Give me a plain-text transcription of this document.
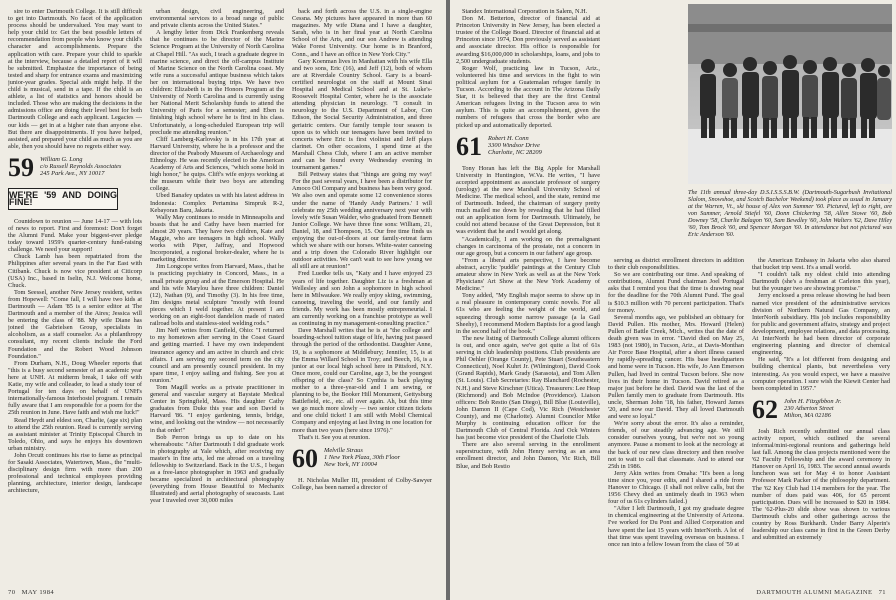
sire to enter Dartmouth College. It is still difficult to get into Dartmouth. No facet of the application process should be undervalued. You may want to help your child to: Get the best possible letters of recommendation from people who know your child's character and accomplishments. Prepare the application with care. Prepare your child to sparkle at the interview, because a detailed report of it will be submitted. Emphasize the importance of being tested and sharp for entrance exams and maximizing junior-year grades. Special aids might help. If the child is musical, send in a tape. If the child is an athlete, a list of statistics and honors should be included. Those who are making the decisions in the admissions office are doing their level best for both Dartmouth College and each applicant. Legacies — our kids — get in at a higher rate than anyone else. But there are disappointments. If you have helped, assisted, and prepared your child as much as you are able, then you should have no regrets either way.

59 William G. Long
c/o Russell Reynolds Associates
245 Park Ave., NY 10017
WE'RE '59 AND DOING FINE!

Countdown to reunion — June 14-17 — with lots of news to report. First and foremost: Don't forget the Alumni Fund. Make your biggest-ever pledge today toward 1959's quarter-century fund-raising challenge. We need your support!

Chuck Lamb has been repatriated from the Philippines after several years in the Far East with Citibank. Chuck is now vice president at Citicorp (USA) Inc., based in Iselin, N.J. Welcome home, Chuck.

Tom Seessel, another New Jersey resident, writes from Hopewell: "Come fall, I will have two kids at Dartmouth — Adam '85 is a senior editor at The Dartmouth and a member of the Aires; Jessica will be entering the class of '88. My wife Diane has joined the Gabrielsen Group, specialists in alcoholism, as a staff counselor. As a philanthropy consultant, my recent clients include the Ford Foundation and the Robert Wood Johnson Foundation."

From Durham, N.H., Doug Wheeler reports that "this is a busy second semester of an academic year here at UNH. At midterm break, I take off with Katie, my wife and colleader, to lead a study tour of Portugal for ten days on behalf of UNH's internationally-famous Interhostel program. I remain fully aware that I am responsible for a poem for the 25th reunion in June. Have faith and wish me luck!"

Read Heydt and eldest son, Charlie, (age six) plan to attend the 25th reunion. Read is currently serving as assistant minister at Trinity Episcopal Church in Toledo, Ohio, and says he enjoys his downtown urban ministry.

John Orcutt continues his rise to fame as principal for Sasaki Associates, Watertown, Mass., the "multi-disciplinary design firm with more than 200 professional and technical employees providing planning, architecture, interior design, landscape architecture,

urban design, civil engineering, and environmental services to a broad range of public and private clients across the United States."

A lengthy letter from Dick Frankenberg reveals that he continues to be director of the Marine Science Program at the University of North Carolina at Chapel Hill. "As such, I teach a graduate degree in marine science, and direct the off-campus Institute of Marine Science on the North Carolina coast. My wife runs a successful antique business which takes her on international buying trips. We have two children: Elizabeth is in the Honors Program at the University of North Carolina and is currently using her National Merit Scholarship funds to attend the University of Paris for a semester; and Eben is finishing high school where he is first in his class. Unfortunately, a long-scheduled European trip will preclude me attending reunion."

Cliff Lamberg-Karlovsky is in his 17th year at Harvard University, where he is a professor and the director of the Peabody Museum of Archaeology and Ethnology. He was recently elected to the American Academy of Arts and Sciences, "which some hold in high honor," he quips. Cliff's wife enjoys working at the museum while their two boys are attending college.

Ubed Banafey updates us with his latest address in Indonesia: Complex Pertamina Simpruk R-2, Kebayoran Baru, Jakarta.

Wally May continues to reside in Minneapolis and boasts that he and Cathy have been married for almost 20 years. They have two children, Kate and Maggie, who are teenagers in high school. Wally works with Piper, Jaffray, and Hopwood Incorporated, a regional broker-dealer, where he is marketing director.

Jim Longcope writes from Harvard, Mass., that he is practicing psychiatry in Concord, Mass., in a small private group and at the Emerson Hospital. He and his wife Marylou have three children: Daniel (12), Nathan (9), and Timothy (3). In his free time, Jim designs metal sculpture "mostly with found pieces which I weld together. At present I am working on an eight-foot dandelion made of rusted railroad bolts and stainless-steel welding rods."

Jim Neff writes from Canfield, Ohio: "I returned to my hometown after serving in the Coast Guard and getting married. I have my own independent insurance agency and am active in church and civic affairs. I am serving my second term on the city council and am presently council president. In my spare time, I enjoy sailing and fishing. See you at reunion."

Tom Magill works as a private practitioner in general and vascular surgery at Baystate Medical Center in Springfield, Mass. His daughter Cathy graduates from Duke this year and son David is Harvard '86. "I enjoy gardening, tennis, bridge, wine, and looking out the window — not necessarily in that order!"

Bob Perron brings us up to date on his whereabouts: "After Dartmouth I did graduate work in photography at Yale which, after receiving my master's in fine arts, led me abroad on a traveling fellowship to Switzerland. Back in the U.S., I began as a free-lance photographer in 1963 and gradually became specialized in architectural photography (everything from House Beautiful to Mechanix Illustrated) and aerial photography of seacoasts. Last year I traveled over 30,000 miles

back and forth across the U.S. in a single-engine Cessna. My pictures have appeared in more than 60 magazines. My wife Diana and I have a daughter, Sarah, who is in her final year at North Carolina School of the Arts, and our son Andrew is attending Wake Forest University. Our home is in Branford, Conn., and I have an office in New York City."

Gary Koenman lives in Manhattan with his wife Ella and two sons, Eric (16), and Jeff (12), both of whom are at Riverdale Country School. Gary is a board-certified neurologist on the staff at Mount Sinai Hospital and Medical School and at St. Luke's-Roosevelt Hospital Center, where he is the associate attending physician in neurology. "I consult in neurology to the U.S. Department of Labor, Con Edison, the Social Security Administration, and three geriatric centers. Our family temple tour season is upon us to which our teenagers have been invited to concerts where Eric is first violinist and Jeff plays clarinet. On other occasions, I spend time at the Marshall Chess Club, where I am an active member and can be found every Wednesday evening in tournament games."

Bill Pettway states that "things are going my way! For the past several years, I have been a distributor for Amoco Oil Company and business has been very good. We also own and operate some 12 convenience stores under the name of 'Handy Andy Partners.' I will celebrate my 25th wedding anniversary next year with lovely wife Susan Walder, who graduated from Bennett Junior College. We have three fine sons: William, 21, Daniel, 18, and Thompson, 15. Our free time finds us enjoying the out-of-doors at our family-retreat farm which we share with our horses. White-water canoeing and a trip down the Colorado River highlight our outdoor activities. We can't wait to see how young we all still are at reunion!"

Fred Luedke tells us, "Katy and I have enjoyed 23 years of life together. Daughter Liz is a freshman at Wellesley and son John a sophomore in high school here in Milwaukee. We really enjoy skiing, swimming, canoeing, traveling the world, and our family and friends. My work has been mostly entrepreneurial. I am currently working on a franchise prototype as well as continuing in my management-consulting practice."

Dave Marshall writes that he is at "the college and boarding-school tuition stage of life, having just passed through the period of the orthodontist. Daughter Anne, 19, is a sophomore at Middlebury; Jennifer, 15, is at the Emma Willard School in Troy; and Beech, 16, is a junior at our local high school here in Pittsford, N.Y. Once more, could our Caroline, age 3, be the youngest offspring of the class? So Cynthia is back playing mother to a three-year-old and I am sewing, or planning to be, the Booker Hill Monument, Gettysburg Battlefield, etc., etc. all over again. Ah, but this time we go much more slowly — two senior citizen tickets and one child ticket! I am still with Mobil Chemical Company and enjoying at last living in one location for more than two years (here since 1976)."

That's it. See you at reunion.

60 Melville Straus
1 New York Plaza, 30th Floor
New York, NY 10004

H. Nicholas Muller III, president of Colby-Sawyer College, has been named a director of

70 MAY 1984

Standex International Corporation in Salem, N.H.

Don M. Betterton, director of financial aid at Princeton University in New Jersey, has been elected a trustee of the College Board. Director of financial aid at Princeton since 1974, Don previously served as assistant and associate director. His office is responsible for awarding $16,000,000 in scholarships, loans, and jobs to 2,500 undergraduate students.

Roger Wolf, practicing law in Tucson, Ariz., volunteered his time and services in the fight to win political asylum for a Guatemalan refugee family in Tucson. According to the account in The Arizona Daily Star, it is believed that they are the first Central American refugees living in the Tucson area to win asylum. This is quite an accomplishment, given the numbers of refugees that cross the border who are picked up and automatically deported.

61 Robert H. Conn
3300 Windsor Drive
Charlotte, NC 28209

Tony Horan has left the Big Apple for Marshall University in Huntington, W.Va. He writes, "I have accepted appointment as associate professor of surgery (urology) at the new Marshall University School of Medicine. The medical school, and the state, remind me of Dartmouth. Indeed, the chairman of surgery pretty much mailed me down by revealing that he had filled out an application form for Dartmouth. Ultimately, he could not attend because of the Great Depression, but it was evident that he and I would get along.

"Academically, I am working on the premalignant changes in carcinoma of the prostate, not a concern in our age group, but a concern in our fathers' age group.

"From a liberal arts perspective, I have become abstract, acrylic 'puddle' paintings at the Century Club amateur show in New York as well as at the New York Physicians' Art Show at the New York Academy of Medicine."

Tony added, "My English major seems to show up in a real pleasure in contemporary comic novels. For all 61s who are feeling the weight of the world, and squeezing through some narrow passage (a la Gail Sheehy), I recommend Modern Baptists for a good laugh in the second half of the book."

The new listing of Dartmouth College alumni officers is out, and once again, we've got quite a list of 61s serving in club leadership positions. Club presidents are Phil Oehler (Orange County), Pete Stuart (Southeastern Connecticut), Noel Kuhrt Jr. (Wilmington), David Cook (Grand Rapids), Mark Grady (Sarasota), and Tom Allen (St. Louis). Club Secretaries: Ray Blanchard (Rochester, N.H.) and Steve Kirschner (Utica). Treasurers: Lee Heap (Richmond) and Bob McIndoe (Providence). Liaison officers: Bob Restio (San Diego), Bill Blue (Louisville), John Damon II (Cape Cod), Vic Rich (Westchester County), and me (Charlotte). Alumni Councilor Mike Murphy is continuing education officer for the Dartmouth Club of Central Florida. And Ock Winters has just become vice president of the Charlotte Club.

There are also several serving in the enrollment superstructure, with John Henry serving as an area enrollment director, and John Damon, Vic Rich, Bill Blue, and Bob Restio

The 11th annual three-day D.S.I.S.S.S.B.W. (Dartmouth-Sugarbush Invitational Slalom, Snowshoe, and Scotch Bachelor Weekend) took place as usual in January at the Warren, Vt., ski house of Alex von Summer '60. Pictured, left to right, are von Summer, Arnold Stiefel '60, Donn Chickering '58, Allen Stowe '60, Bob Downey '58, Charlie Balagon '60, Sam Bewdley '60, John Walters '62, Dave Hiley '60, Tom Brock '60, and Spencer Morgan '60. In attendance but not pictured was Eric Anderson '60.

serving as district enrollment directors in addition to their club responsibilities.

So we are contributing our time. And speaking of contributions, Alumni Fund chairman Joel Portugal asks that I remind you that the time is drawing near for the deadline for the 70th Alumni Fund. The goal is $10.3 million with 70 percent participation. That's for money.

Several months ago, we published an obituary for David Pullen. His mother, Mrs. Howard (Helen) Pullen of Battle Creek, Mich., writes that the date of death given was in error. "David died on May 25, 1983 (not 1980), in Tucson, Ariz., at Davis-Monthan Air Force Base Hospital, after a short illness caused by rapidly-spreading cancer. His base headquarters and home were in Tucson. His wife, Jo Ann Emerson Pullen, had lived in central Tucson before. She now lives in their home in Tucson. David retired as a major just before he died. David was the last of the Pullen family men to graduate from Dartmouth. His uncle, Sherman John '18, his father, Howard James '20, and now our David. They all loved Dartmouth and were so loyal."

We're sorry about the error. It's also a reminder, friends, of our steadily advancing age. We still consider ourselves young, but we're not so young anymore. Pause a moment to look at the necrology at the back of our new class directory and then resolve not to wait to call that classmate. And to attend our 25th in 1986.

Jerry Akin writes from Omaha: "It's been a long time since you, your edits, and I shared a ride from Hanover to Chicago. (I shall not relive calls, but the 1956 Chevy died an untimely death in 1963 when four of us 61s cylinders failed.)

"After I left Dartmouth, I got my graduate degree in chemical engineering at the University of Arizona. I've worked for Du Pont and Allied Corporation and have spent the last 15 years with InterNorth. A lot of that time was spent traveling overseas on business. I once ran into a fellow Iowan from the class of '59 at

the American Embassy in Jakarta who also shared that bucket trip west. It's a small world.

"I couldn't talk my oldest child into attending Dartmouth (she's a freshman at Carleton this year), but the younger two are showing promise."

Jerry enclosed a press release showing he had been named vice president of the administrative services division of Northern Natural Gas Company, an InterNorth subsidiary. His job includes responsibility for public and government affairs, strategy and project development, employee relations, and data processing. At InterNorth he had been director of corporate engineering planning and director of chemical engineering.

He said, "It's a lot different from designing and building chemical plants, but nevertheless very interesting. As you would expect, we have a massive computer operation. I sure wish the Kiewit Center had been completed in 1957."

62 John H. Fitzgibbon Jr.
230 Atherton Street
Milton, MA 02186

Josh Rich recently submitted our annual class activity report, which outlined the several informal/mini-regional reunions and gatherings held last fall. Among the class projects mentioned were the '62 Faculty Fellowship and the award ceremony in Hanover on April 16, 1983. The second annual awards luncheon was set for May 4 to honor Assistant Professor Mark Packer of the philosophy department. The '62 Key Club had 114 members for the year. The number of dues paid was 406, for 65 percent participation. Dues will be increased to $20 in 1984. The '62-Plus-20 slide show was shown to various Dartmouth clubs and other gatherings across the country by Ross Burkhardt. Under Barry Alperin's leadership our class came in first in the Green Derby and submitted an extremely

DARTMOUTH ALUMNI MAGAZINE 71
